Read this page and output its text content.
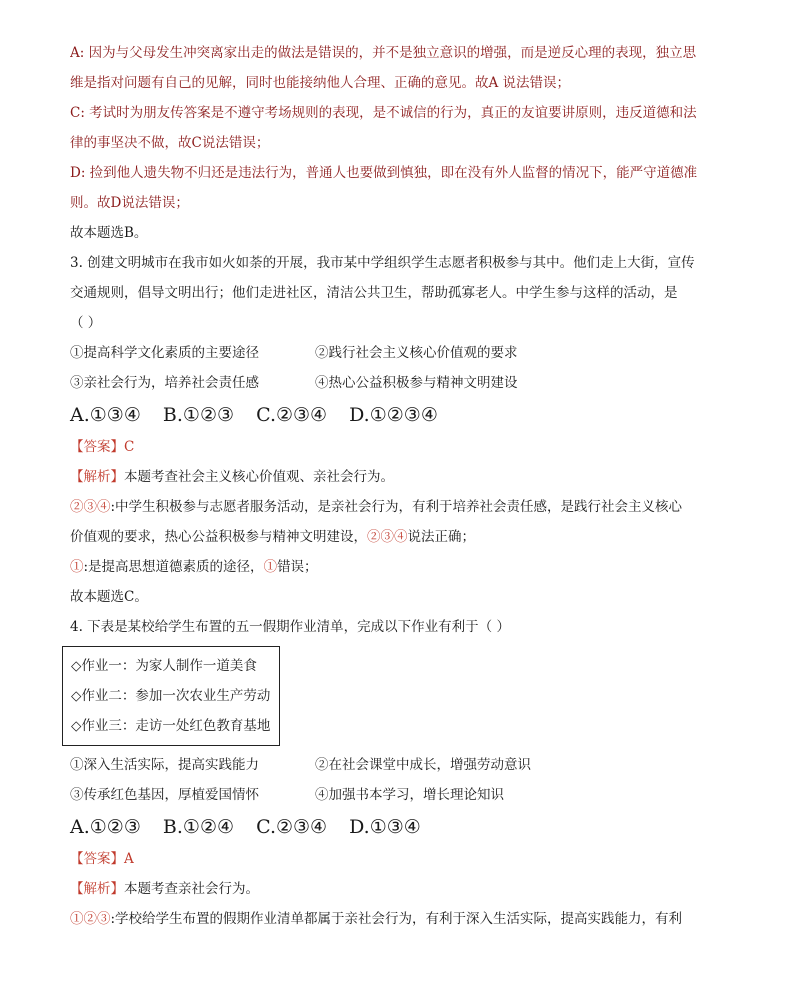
A: 因为与父母发生冲突离家出走的做法是错误的，并不是独立意识的增强，而是逆反心理的表现，独立思
维是指对问题有自己的见解，同时也能接纳他人合理、正确的意见。故A 说法错误；
C: 考试时为朋友传答案是不遵守考场规则的表现，是不诚信的行为，真正的友谊要讲原则，违反道德和法
律的事坚决不做，故C说法错误；
D: 捡到他人遗失物不归还是违法行为，普通人也要做到慎独，即在没有外人监督的情况下，能严守道德准
则。故D说法错误；
故本题选B。
3. 创建文明城市在我市如火如荼的开展，我市某中学组织学生志愿者积极参与其中。他们走上大街，宣传
交通规则，倡导文明出行；他们走进社区，清洁公共卫生，帮助孤寡老人。中学生参与这样的活动，是
（ ）
①提高科学文化素质的主要途径	②践行社会主义核心价值观的要求
③亲社会行为，培养社会责任感	④热心公益积极参与精神文明建设
A.①③④ B.①②③ C.②③④ D.①②③④
【答案】C
【解析】本题考查社会主义核心价值观、亲社会行为。
②③④:中学生积极参与志愿者服务活动，是亲社会行为，有利于培养社会责任感，是践行社会主义核心
价值观的要求，热心公益积极参与精神文明建设，②③④说法正确；
①:是提高思想道德素质的途径，①错误；
故本题选C。
4. 下表是某校给学生布置的五一假期作业清单，完成以下作业有利于（ ）
◇作业一：为家人制作一道美食
◇作业二：参加一次农业生产劳动
◇作业三：走访一处红色教育基地
①深入生活实际，提高实践能力	②在社会课堂中成长，增强劳动意识
③传承红色基因，厚植爱国情怀	④加强书本学习，增长理论知识
A.①②③ B.①②④ C.②③④ D.①③④
【答案】A
【解析】本题考查亲社会行为。
①②③:学校给学生布置的假期作业清单都属于亲社会行为，有利于深入生活实际，提高实践能力，有利
